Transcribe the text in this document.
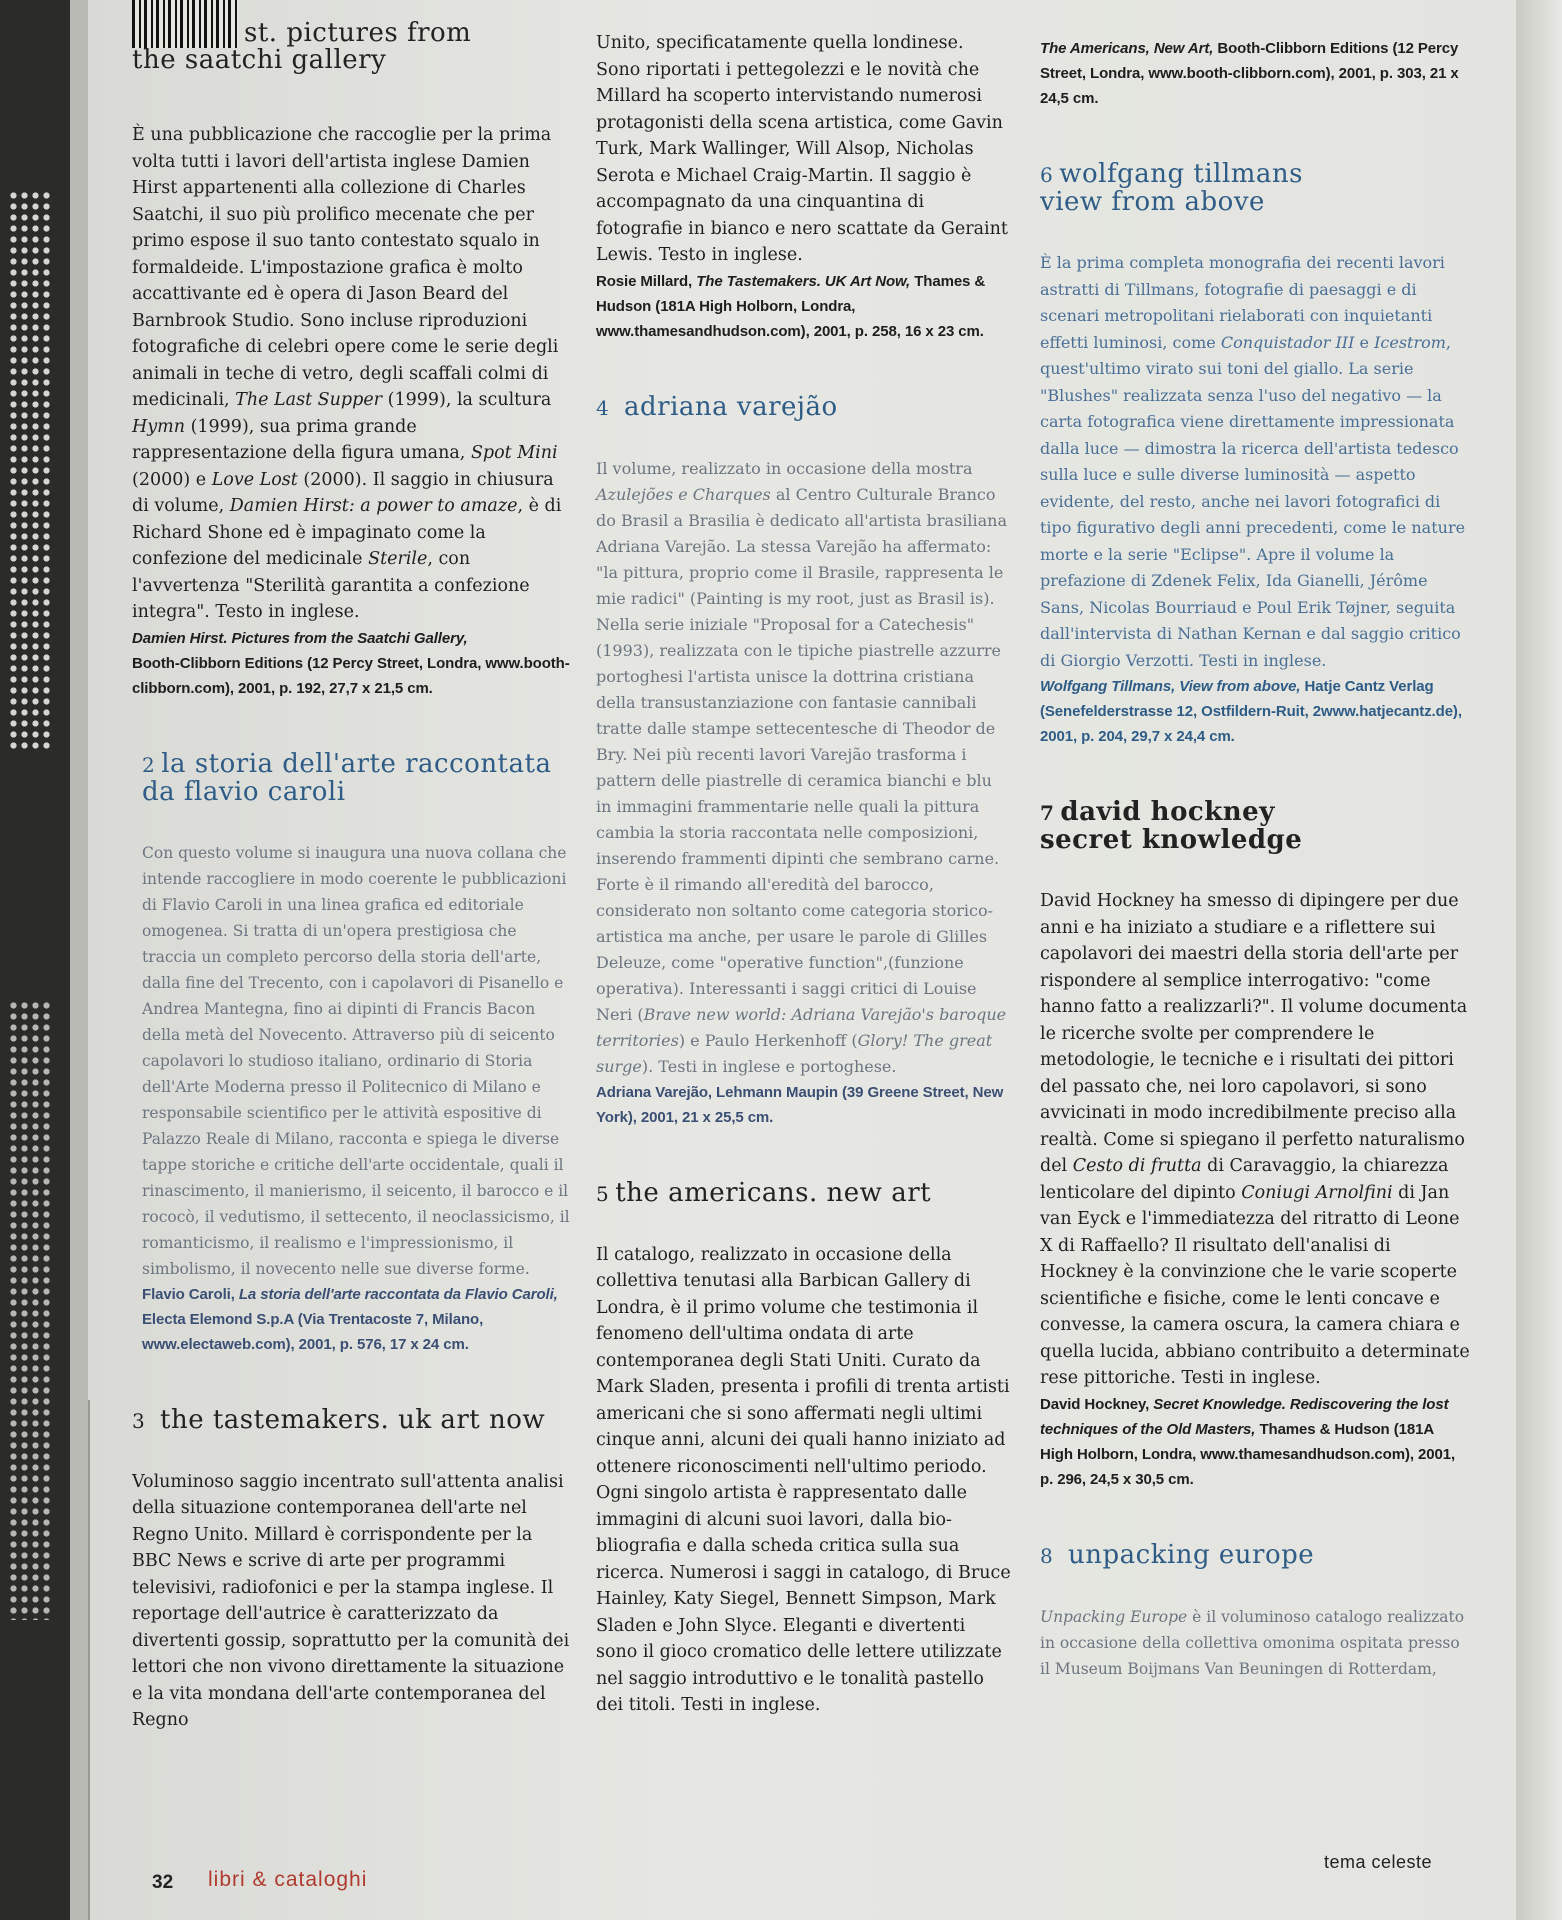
st. pictures from
the saatchi gallery

È una pubblicazione che raccoglie per la prima volta tutti i lavori dell'artista inglese Damien Hirst appartenenti alla collezione di Charles Saatchi, il suo più prolifico mecenate che per primo espose il suo tanto contestato squalo in formaldeide. L'impostazione grafica è molto accattivante ed è opera di Jason Beard del Barnbrook Studio. Sono incluse riproduzioni fotografiche di celebri opere come le serie degli animali in teche di vetro, degli scaffali colmi di medicinali, The Last Supper (1999), la scultura Hymn (1999), sua prima grande rappresentazione della figura umana, Spot Mini (2000) e Love Lost (2000). Il saggio in chiusura di volume, Damien Hirst: a power to amaze, è di Richard Shone ed è impaginato come la confezione del medicinale Sterile, con l'avvertenza "Sterilità garantita a confezione integra". Testo in inglese.

Damien Hirst. Pictures from the Saatchi Gallery,
Booth-Clibborn Editions (12 Percy Street, Londra, www.booth-clibborn.com), 2001, p. 192, 27,7 x 21,5 cm.

2 la storia dell'arte raccontata
da flavio caroli

Con questo volume si inaugura una nuova collana che intende raccogliere in modo coerente le pubblicazioni di Flavio Caroli in una linea grafica ed editoriale omogenea. Si tratta di un'opera prestigiosa che traccia un completo percorso della storia dell'arte, dalla fine del Trecento, con i capolavori di Pisanello e Andrea Mantegna, fino ai dipinti di Francis Bacon della metà del Novecento. Attraverso più di seicento capolavori lo studioso italiano, ordinario di Storia dell'Arte Moderna presso il Politecnico di Milano e responsabile scientifico per le attività espositive di Palazzo Reale di Milano, racconta e spiega le diverse tappe storiche e critiche dell'arte occidentale, quali il rinascimento, il manierismo, il seicento, il barocco e il rococò, il vedutismo, il settecento, il neoclassicismo, il romanticismo, il realismo e l'impressionismo, il simbolismo, il novecento nelle sue diverse forme.

Flavio Caroli, La storia dell'arte raccontata da Flavio Caroli, Electa Elemond S.p.A (Via Trentacoste 7, Milano, www.electaweb.com), 2001, p. 576, 17 x 24 cm.

3 the tastemakers. uk art now

Voluminoso saggio incentrato sull'attenta analisi della situazione contemporanea dell'arte nel Regno Unito. Millard è corrispondente per la BBC News e scrive di arte per programmi televisivi, radiofonici e per la stampa inglese. Il reportage dell'autrice è caratterizzato da divertenti gossip, soprattutto per la comunità dei lettori che non vivono direttamente la situazione e la vita mondana dell'arte contemporanea del Regno

Unito, specificatamente quella londinese. Sono riportati i pettegolezzi e le novità che Millard ha scoperto intervistando numerosi protagonisti della scena artistica, come Gavin Turk, Mark Wallinger, Will Alsop, Nicholas Serota e Michael Craig-Martin. Il saggio è accompagnato da una cinquantina di fotografie in bianco e nero scattate da Geraint Lewis. Testo in inglese.

Rosie Millard, The Tastemakers. UK Art Now, Thames & Hudson (181A High Holborn, Londra, www.thamesandhudson.com), 2001, p. 258, 16 x 23 cm.

4 adriana varejão

Il volume, realizzato in occasione della mostra Azulejões e Charques al Centro Culturale Branco do Brasil a Brasilia è dedicato all'artista brasiliana Adriana Varejão. La stessa Varejão ha affermato: "la pittura, proprio come il Brasile, rappresenta le mie radici" (Painting is my root, just as Brasil is). Nella serie iniziale "Proposal for a Catechesis" (1993), realizzata con le tipiche piastrelle azzurre portoghesi l'artista unisce la dottrina cristiana della transustanziazione con fantasie cannibali tratte dalle stampe settecentesche di Theodor de Bry. Nei più recenti lavori Varejão trasforma i pattern delle piastrelle di ceramica bianchi e blu in immagini frammentarie nelle quali la pittura cambia la storia raccontata nelle composizioni, inserendo frammenti dipinti che sembrano carne. Forte è il rimando all'eredità del barocco, considerato non soltanto come categoria storico-artistica ma anche, per usare le parole di Glilles Deleuze, come "operative function",(funzione operativa). Interessanti i saggi critici di Louise Neri (Brave new world: Adriana Varejão's baroque territories) e Paulo Herkenhoff (Glory! The great surge). Testi in inglese e portoghese.

Adriana Varejão, Lehmann Maupin (39 Greene Street, New York), 2001, 21 x 25,5 cm.

5 the americans. new art

Il catalogo, realizzato in occasione della collettiva tenutasi alla Barbican Gallery di Londra, è il primo volume che testimonia il fenomeno dell'ultima ondata di arte contemporanea degli Stati Uniti. Curato da Mark Sladen, presenta i profili di trenta artisti americani che si sono affermati negli ultimi cinque anni, alcuni dei quali hanno iniziato ad ottenere riconoscimenti nell'ultimo periodo. Ogni singolo artista è rappresentato dalle immagini di alcuni suoi lavori, dalla bio-bliografia e dalla scheda critica sulla sua ricerca. Numerosi i saggi in catalogo, di Bruce Hainley, Katy Siegel, Bennett Simpson, Mark Sladen e John Slyce. Eleganti e divertenti sono il gioco cromatico delle lettere utilizzate nel saggio introduttivo e le tonalità pastello dei titoli. Testi in inglese.

The Americans, New Art, Booth-Clibborn Editions (12 Percy Street, Londra, www.booth-clibborn.com), 2001, p. 303, 21 x 24,5 cm.

6 wolfgang tillmans
view from above

È la prima completa monografia dei recenti lavori astratti di Tillmans, fotografie di paesaggi e di scenari metropolitani rielaborati con inquietanti effetti luminosi, come Conquistador III e Icestrom, quest'ultimo virato sui toni del giallo. La serie "Blushes" realizzata senza l'uso del negativo — la carta fotografica viene direttamente impressionata dalla luce — dimostra la ricerca dell'artista tedesco sulla luce e sulle diverse luminosità — aspetto evidente, del resto, anche nei lavori fotografici di tipo figurativo degli anni precedenti, come le nature morte e la serie "Eclipse". Apre il volume la prefazione di Zdenek Felix, Ida Gianelli, Jérôme Sans, Nicolas Bourriaud e Poul Erik Tøjner, seguita dall'intervista di Nathan Kernan e dal saggio critico di Giorgio Verzotti. Testi in inglese.

Wolfgang Tillmans, View from above, Hatje Cantz Verlag (Senefelderstrasse 12, Ostfildern-Ruit, 2www.hatjecantz.de), 2001, p. 204, 29,7 x 24,4 cm.

7 david hockney
secret knowledge

David Hockney ha smesso di dipingere per due anni e ha iniziato a studiare e a riflettere sui capolavori dei maestri della storia dell'arte per rispondere al semplice interrogativo: "come hanno fatto a realizzarli?". Il volume documenta le ricerche svolte per comprendere le metodologie, le tecniche e i risultati dei pittori del passato che, nei loro capolavori, si sono avvicinati in modo incredibilmente preciso alla realtà. Come si spiegano il perfetto naturalismo del Cesto di frutta di Caravaggio, la chiarezza lenticolare del dipinto Coniugi Arnolfini di Jan van Eyck e l'immediatezza del ritratto di Leone X di Raffaello? Il risultato dell'analisi di Hockney è la convinzione che le varie scoperte scientifiche e fisiche, come le lenti concave e convesse, la camera oscura, la camera chiara e quella lucida, abbiano contribuito a determinate rese pittoriche. Testi in inglese.

David Hockney, Secret Knowledge. Rediscovering the lost techniques of the Old Masters, Thames & Hudson (181A High Holborn, Londra, www.thamesandhudson.com), 2001, p. 296, 24,5 x 30,5 cm.

8 unpacking europe

Unpacking Europe è il voluminoso catalogo realizzato in occasione della collettiva omonima ospitata presso il Museum Boijmans Van Beuningen di Rotterdam,

32 libri & cataloghi
tema celeste
